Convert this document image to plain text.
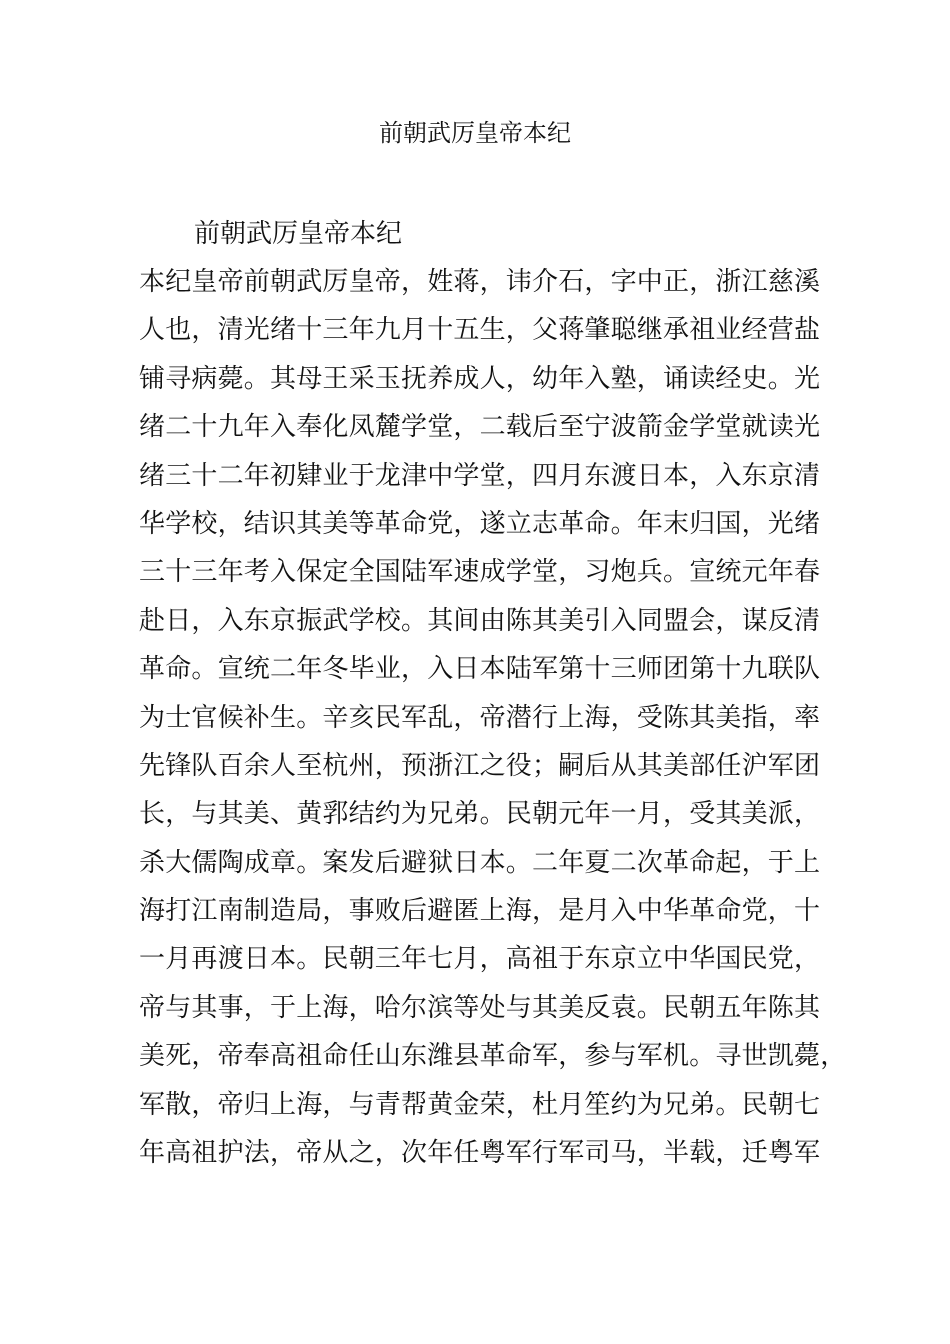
前朝武厉皇帝本纪
前朝武厉皇帝本纪
本纪皇帝前朝武厉皇帝，姓蒋，讳介石，字中正，浙江慈溪
人也，清光绪十三年九月十五生，父蒋肇聪继承祖业经营盐
铺寻病薨。其母王采玉抚养成人，幼年入塾，诵读经史。光
绪二十九年入奉化凤麓学堂，二载后至宁波箭金学堂就读光
绪三十二年初肄业于龙津中学堂，四月东渡日本，入东京清
华学校，结识其美等革命党，遂立志革命。年末归国，光绪
三十三年考入保定全国陆军速成学堂，习炮兵。宣统元年春
赴日，入东京振武学校。其间由陈其美引入同盟会，谋反清
革命。宣统二年冬毕业，入日本陆军第十三师团第十九联队
为士官候补生。辛亥民军乱，帝潜行上海，受陈其美指，率
先锋队百余人至杭州，预浙江之役；嗣后从其美部任沪军团
长，与其美、黄郛结约为兄弟。民朝元年一月，受其美派，
杀大儒陶成章。案发后避狱日本。二年夏二次革命起，于上
海打江南制造局，事败后避匿上海，是月入中华革命党，十
一月再渡日本。民朝三年七月，高祖于东京立中华国民党，
帝与其事，于上海，哈尔滨等处与其美反袁。民朝五年陈其
美死，帝奉高祖命任山东潍县革命军，参与军机。寻世凯薨，
军散，帝归上海，与青帮黄金荣，杜月笙约为兄弟。民朝七
年高祖护法，帝从之，次年任粤军行军司马，半载，迁粤军
